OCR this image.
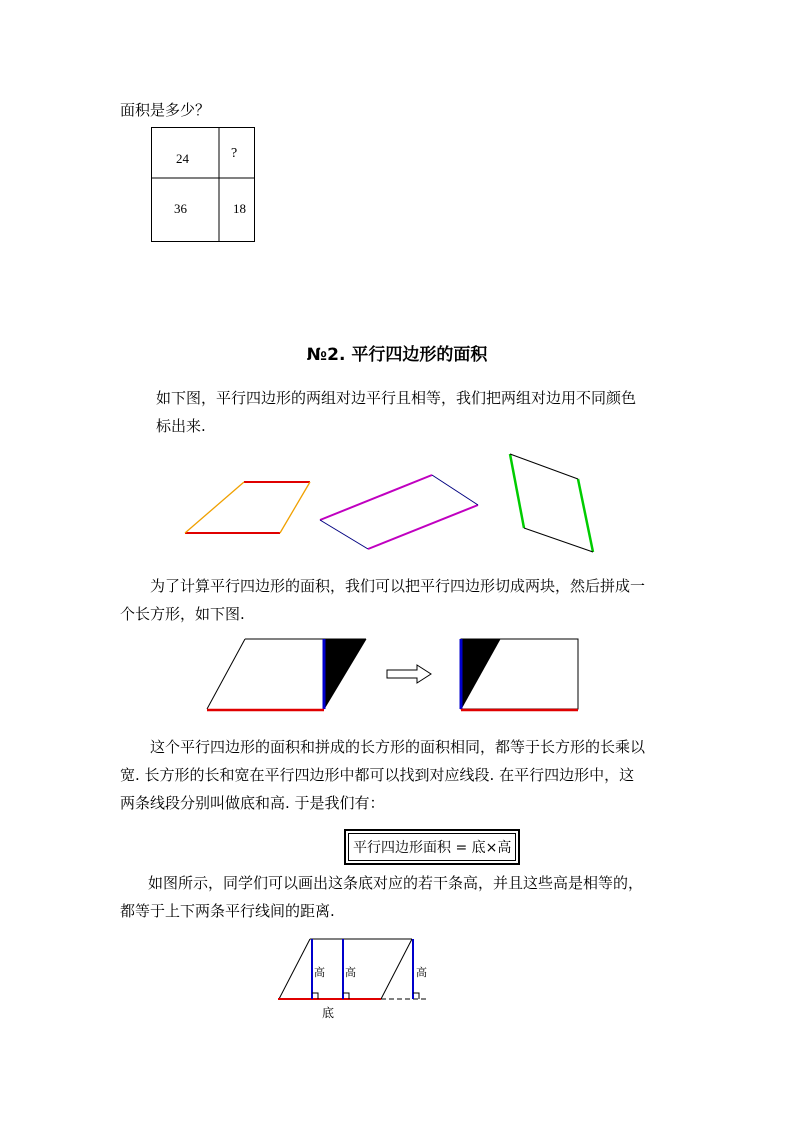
面积是多少？
24	?
36	18
№2. 平行四边形的面积
如下图，平行四边形的两组对边平行且相等，我们把两组对边用不同颜色
标出来.
为了计算平行四边形的面积，我们可以把平行四边形切成两块，然后拼成一
个长方形，如下图.
这个平行四边形的面积和拼成的长方形的面积相同，都等于长方形的长乘以
宽. 长方形的长和宽在平行四边形中都可以找到对应线段. 在平行四边形中，这
两条线段分别叫做底和高. 于是我们有：
平行四边形面积 = 底×高
如图所示，同学们可以画出这条底对应的若干条高，并且这些高是相等的，
都等于上下两条平行线间的距离.
高 高	高
底
